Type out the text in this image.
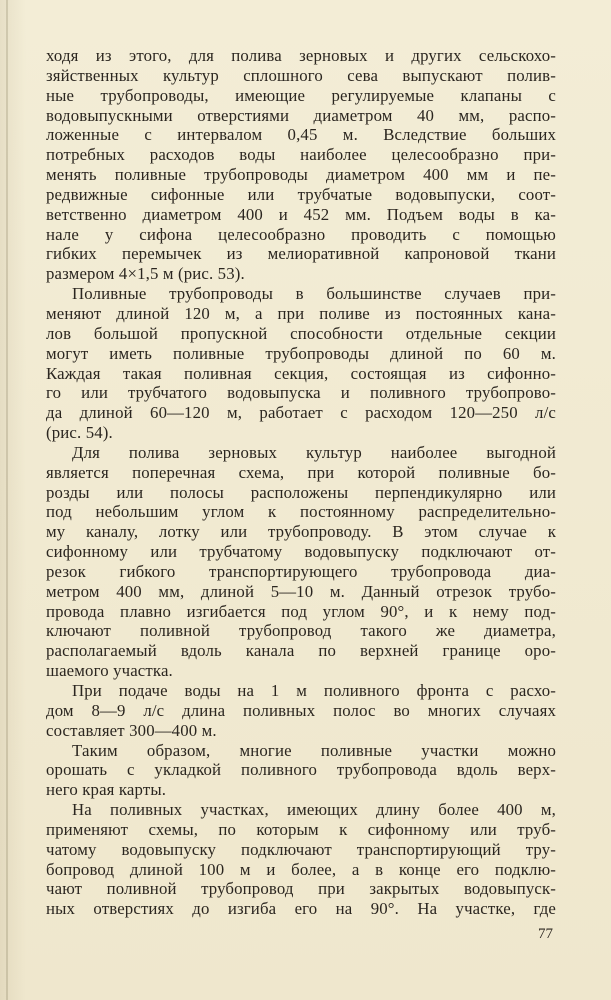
ходя из этого, для полива зерновых и других сельскохо-
зяйственных культур сплошного сева выпускают полив-
ные трубопроводы, имеющие регулируемые клапаны с
водовыпускными отверстиями диаметром 40 мм, распо-
ложенные с интервалом 0,45 м. Вследствие больших
потребных расходов воды наиболее целесообразно при-
менять поливные трубопроводы диаметром 400 мм и пе-
редвижные сифонные или трубчатые водовыпуски, соот-
ветственно диаметром 400 и 452 мм. Подъем воды в ка-
нале у сифона целесообразно проводить с помощью
гибких перемычек из мелиоративной капроновой ткани
размером 4×1,5 м (рис. 53).
Поливные трубопроводы в большинстве случаев при-
меняют длиной 120 м, а при поливе из постоянных кана-
лов большой пропускной способности отдельные секции
могут иметь поливные трубопроводы длиной по 60 м.
Каждая такая поливная секция, состоящая из сифонно-
го или трубчатого водовыпуска и поливного трубопрово-
да длиной 60—120 м, работает с расходом 120—250 л/с
(рис. 54).
Для полива зерновых культур наиболее выгодной
является поперечная схема, при которой поливные бо-
розды или полосы расположены перпендикулярно или
под небольшим углом к постоянному распределительно-
му каналу, лотку или трубопроводу. В этом случае к
сифонному или трубчатому водовыпуску подключают от-
резок гибкого транспортирующего трубопровода диа-
метром 400 мм, длиной 5—10 м. Данный отрезок трубо-
провода плавно изгибается под углом 90°, и к нему под-
ключают поливной трубопровод такого же диаметра,
располагаемый вдоль канала по верхней границе оро-
шаемого участка.
При подаче воды на 1 м поливного фронта с расхо-
дом 8—9 л/с длина поливных полос во многих случаях
составляет 300—400 м.
Таким образом, многие поливные участки можно
орошать с укладкой поливного трубопровода вдоль верх-
него края карты.
На поливных участках, имеющих длину более 400 м,
применяют схемы, по которым к сифонному или труб-
чатому водовыпуску подключают транспортирующий тру-
бопровод длиной 100 м и более, а в конце его подклю-
чают поливной трубопровод при закрытых водовыпуск-
ных отверстиях до изгиба его на 90°. На участке, где
77
